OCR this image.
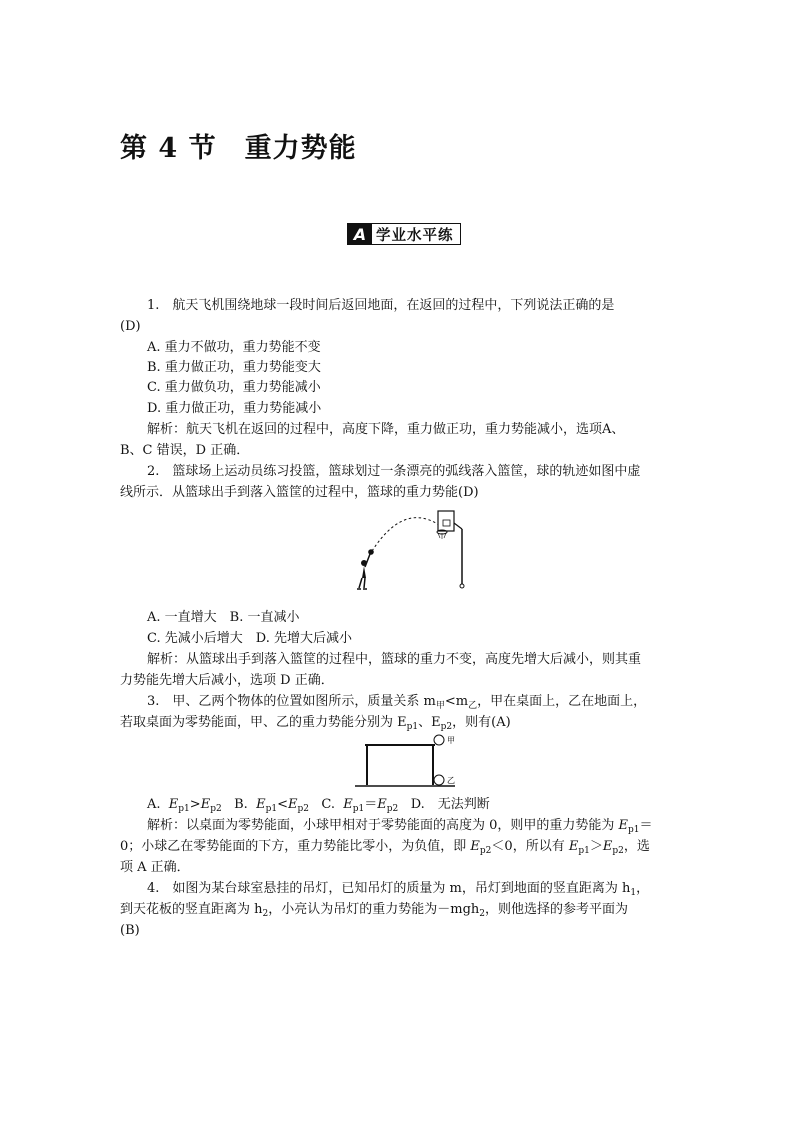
第 4 节　重力势能
A 学业水平练
1.　航天飞机围绕地球一段时间后返回地面，在返回的过程中，下列说法正确的是
(D)
A. 重力不做功，重力势能不变
B. 重力做正功，重力势能变大
C. 重力做负功，重力势能减小
D. 重力做正功，重力势能减小
解析：航天飞机在返回的过程中，高度下降，重力做正功，重力势能减小，选项A、
B、C 错误，D 正确．
2.　篮球场上运动员练习投篮，篮球划过一条漂亮的弧线落入篮筐，球的轨迹如图中虚
线所示．从篮球出手到落入篮筐的过程中，篮球的重力势能(D)
A. 一直增大　B. 一直减小
C. 先减小后增大　D. 先增大后减小
解析：从篮球出手到落入篮筐的过程中，篮球的重力不变，高度先增大后减小，则其重
力势能先增大后减小，选项 D 正确．
3.　甲、乙两个物体的位置如图所示，质量关系 $m_甲<m_乙$，甲在桌面上，乙在地面上，
若取桌面为零势能面，甲、乙的重力势能分别为 $E_{p1}$、$E_{p2}$，则有(A)
甲
乙
A. $E_{p1}>E_{p2}$ B. $E_{p1}<E_{p2}$ C. $E_{p1}=E_{p2}$ D.　无法判断
解析：以桌面为零势能面，小球甲相对于零势能面的高度为 0，则甲的重力势能为 $E_{p1}=$
0；小球乙在零势能面的下方，重力势能比零小，为负值，即 $E_{p2}<0$，所以有 $E_{p1}>E_{p2}$，选
项 A 正确．
4.　如图为某台球室悬挂的吊灯，已知吊灯的质量为 m，吊灯到地面的竖直距离为 $h_1$，
到天花板的竖直距离为 $h_2$，小亮认为吊灯的重力势能为－mgh$_2$，则他选择的参考平面为
(B)
